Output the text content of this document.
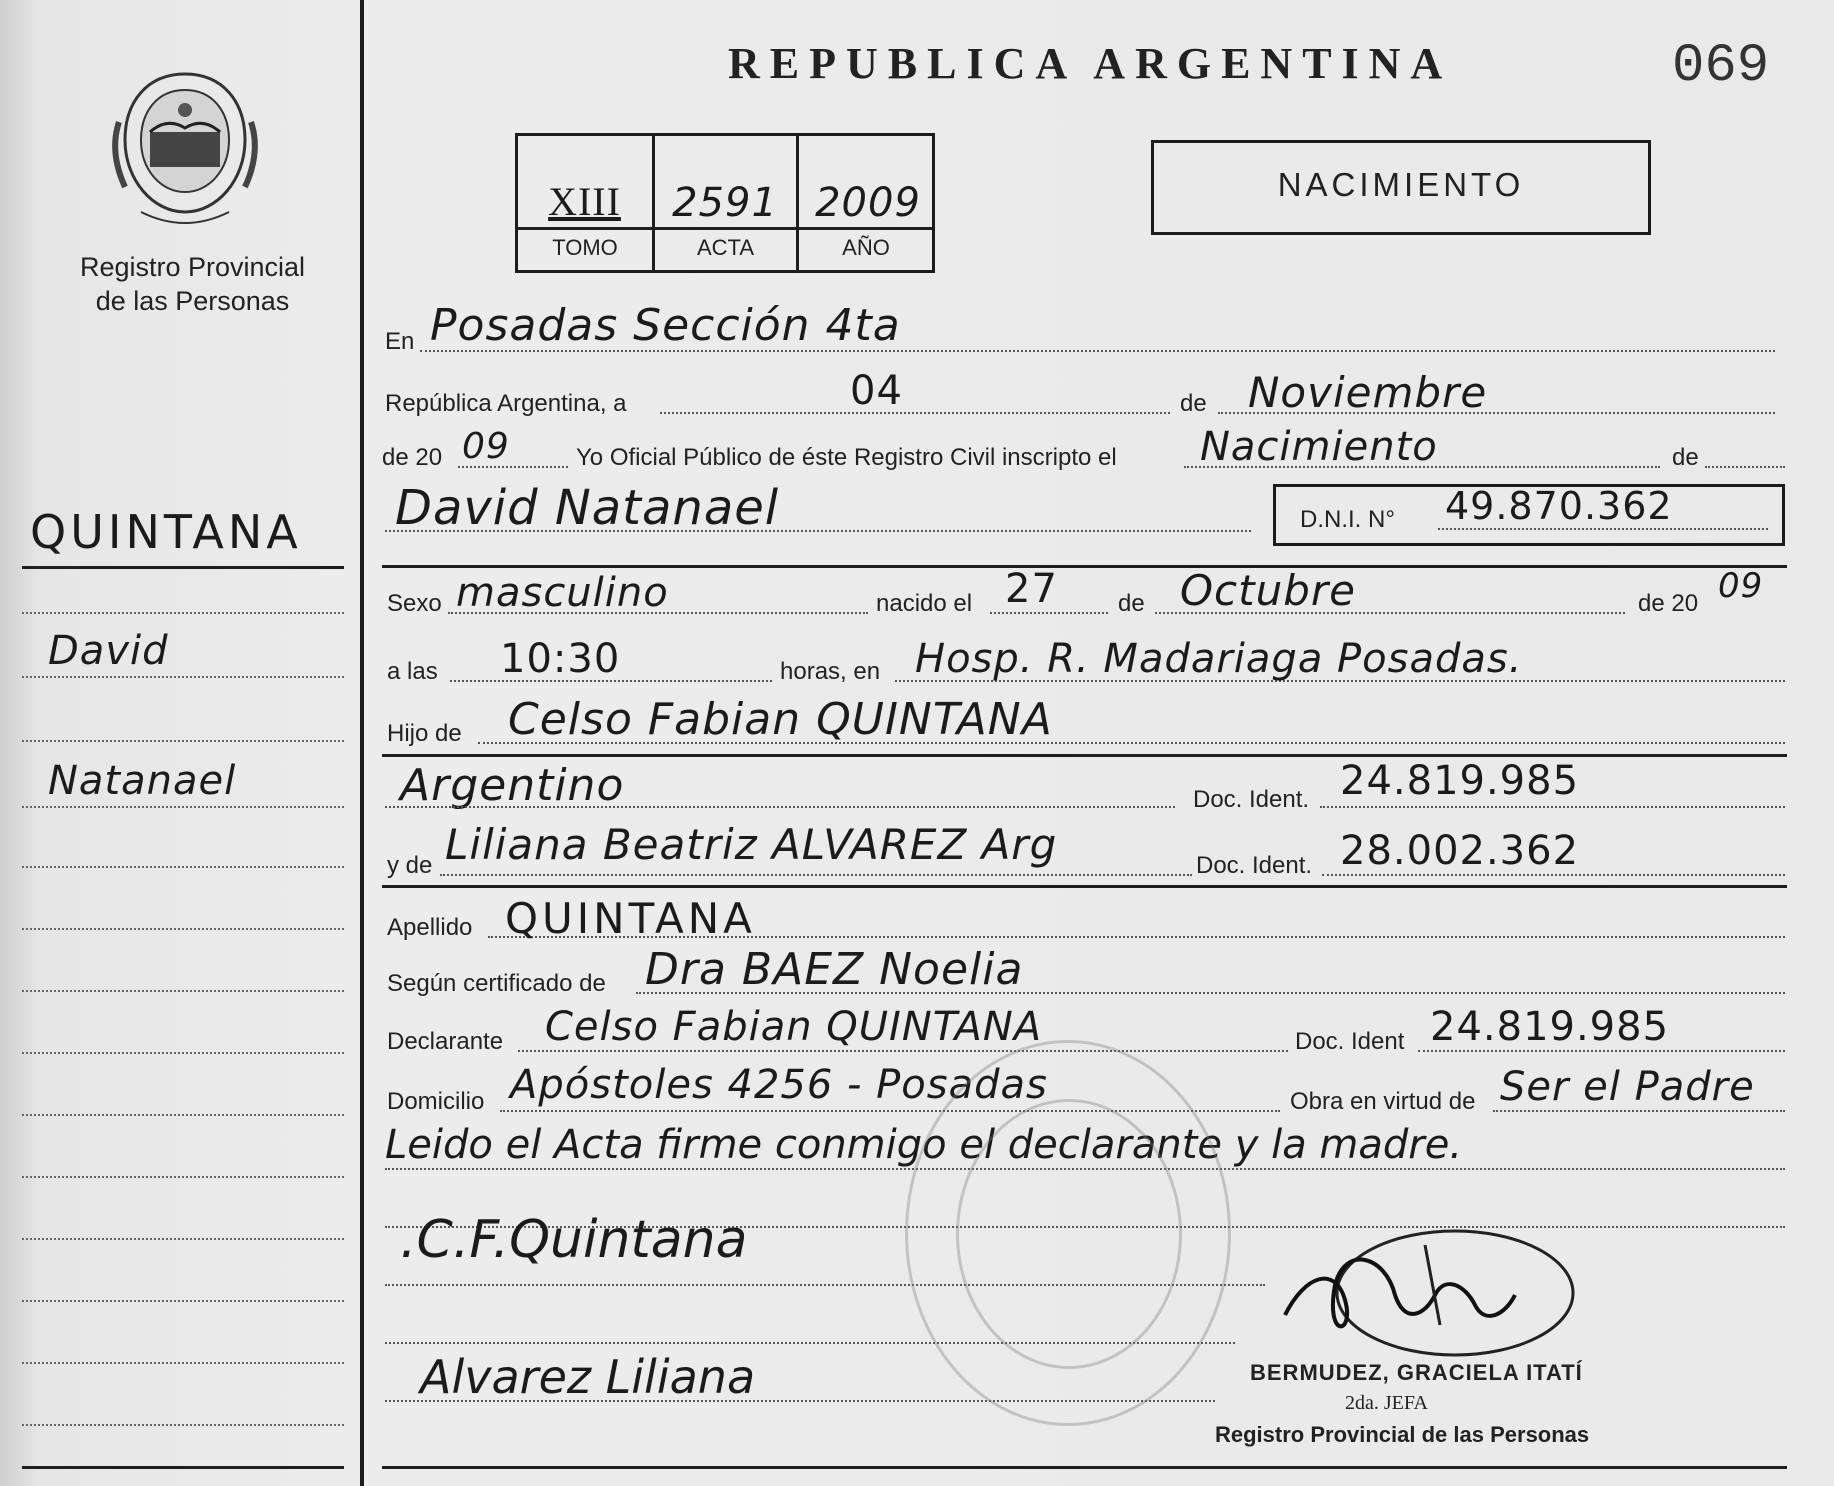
Registro Provincial
de las Personas
QUINTANA
David
Natanael
REPUBLICA ARGENTINA	069
XIII	2591 2009
TOMO	ACTA	AÑO
NACIMIENTO
En Posadas Sección 4ta
República Argentina, a	04	de Noviembre
de 20 09	Yo Oficial Público de éste Registro Civil inscripto el Nacimiento	de
David Natanael	D.N.I. N° 49.870.362
Sexo masculino	nacido el 27	de Octubre	de 20 09
a las 10:30	horas, en Hosp. R. Madariaga Posadas.
Hijo de Celso Fabian QUINTANA
Argentino	Doc. Ident. 24.819.985
y de Liliana Beatriz ALVAREZ Arg	Doc. Ident. 28.002.362
Apellido QUINTANA
Según certificado de Dra BAEZ Noelia
Declarante Celso Fabian QUINTANA	Doc. Ident 24.819.985
Domicilio Apóstoles 4256 - Posadas	Obra en virtud de Ser el Padre
Leido el Acta firme conmigo el declarante y la madre.
.C.F.Quintana
Alvarez Liliana	BERMUDEZ, GRACIELA ITATÍ
2da. JEFA
Registro Provincial de las Personas
